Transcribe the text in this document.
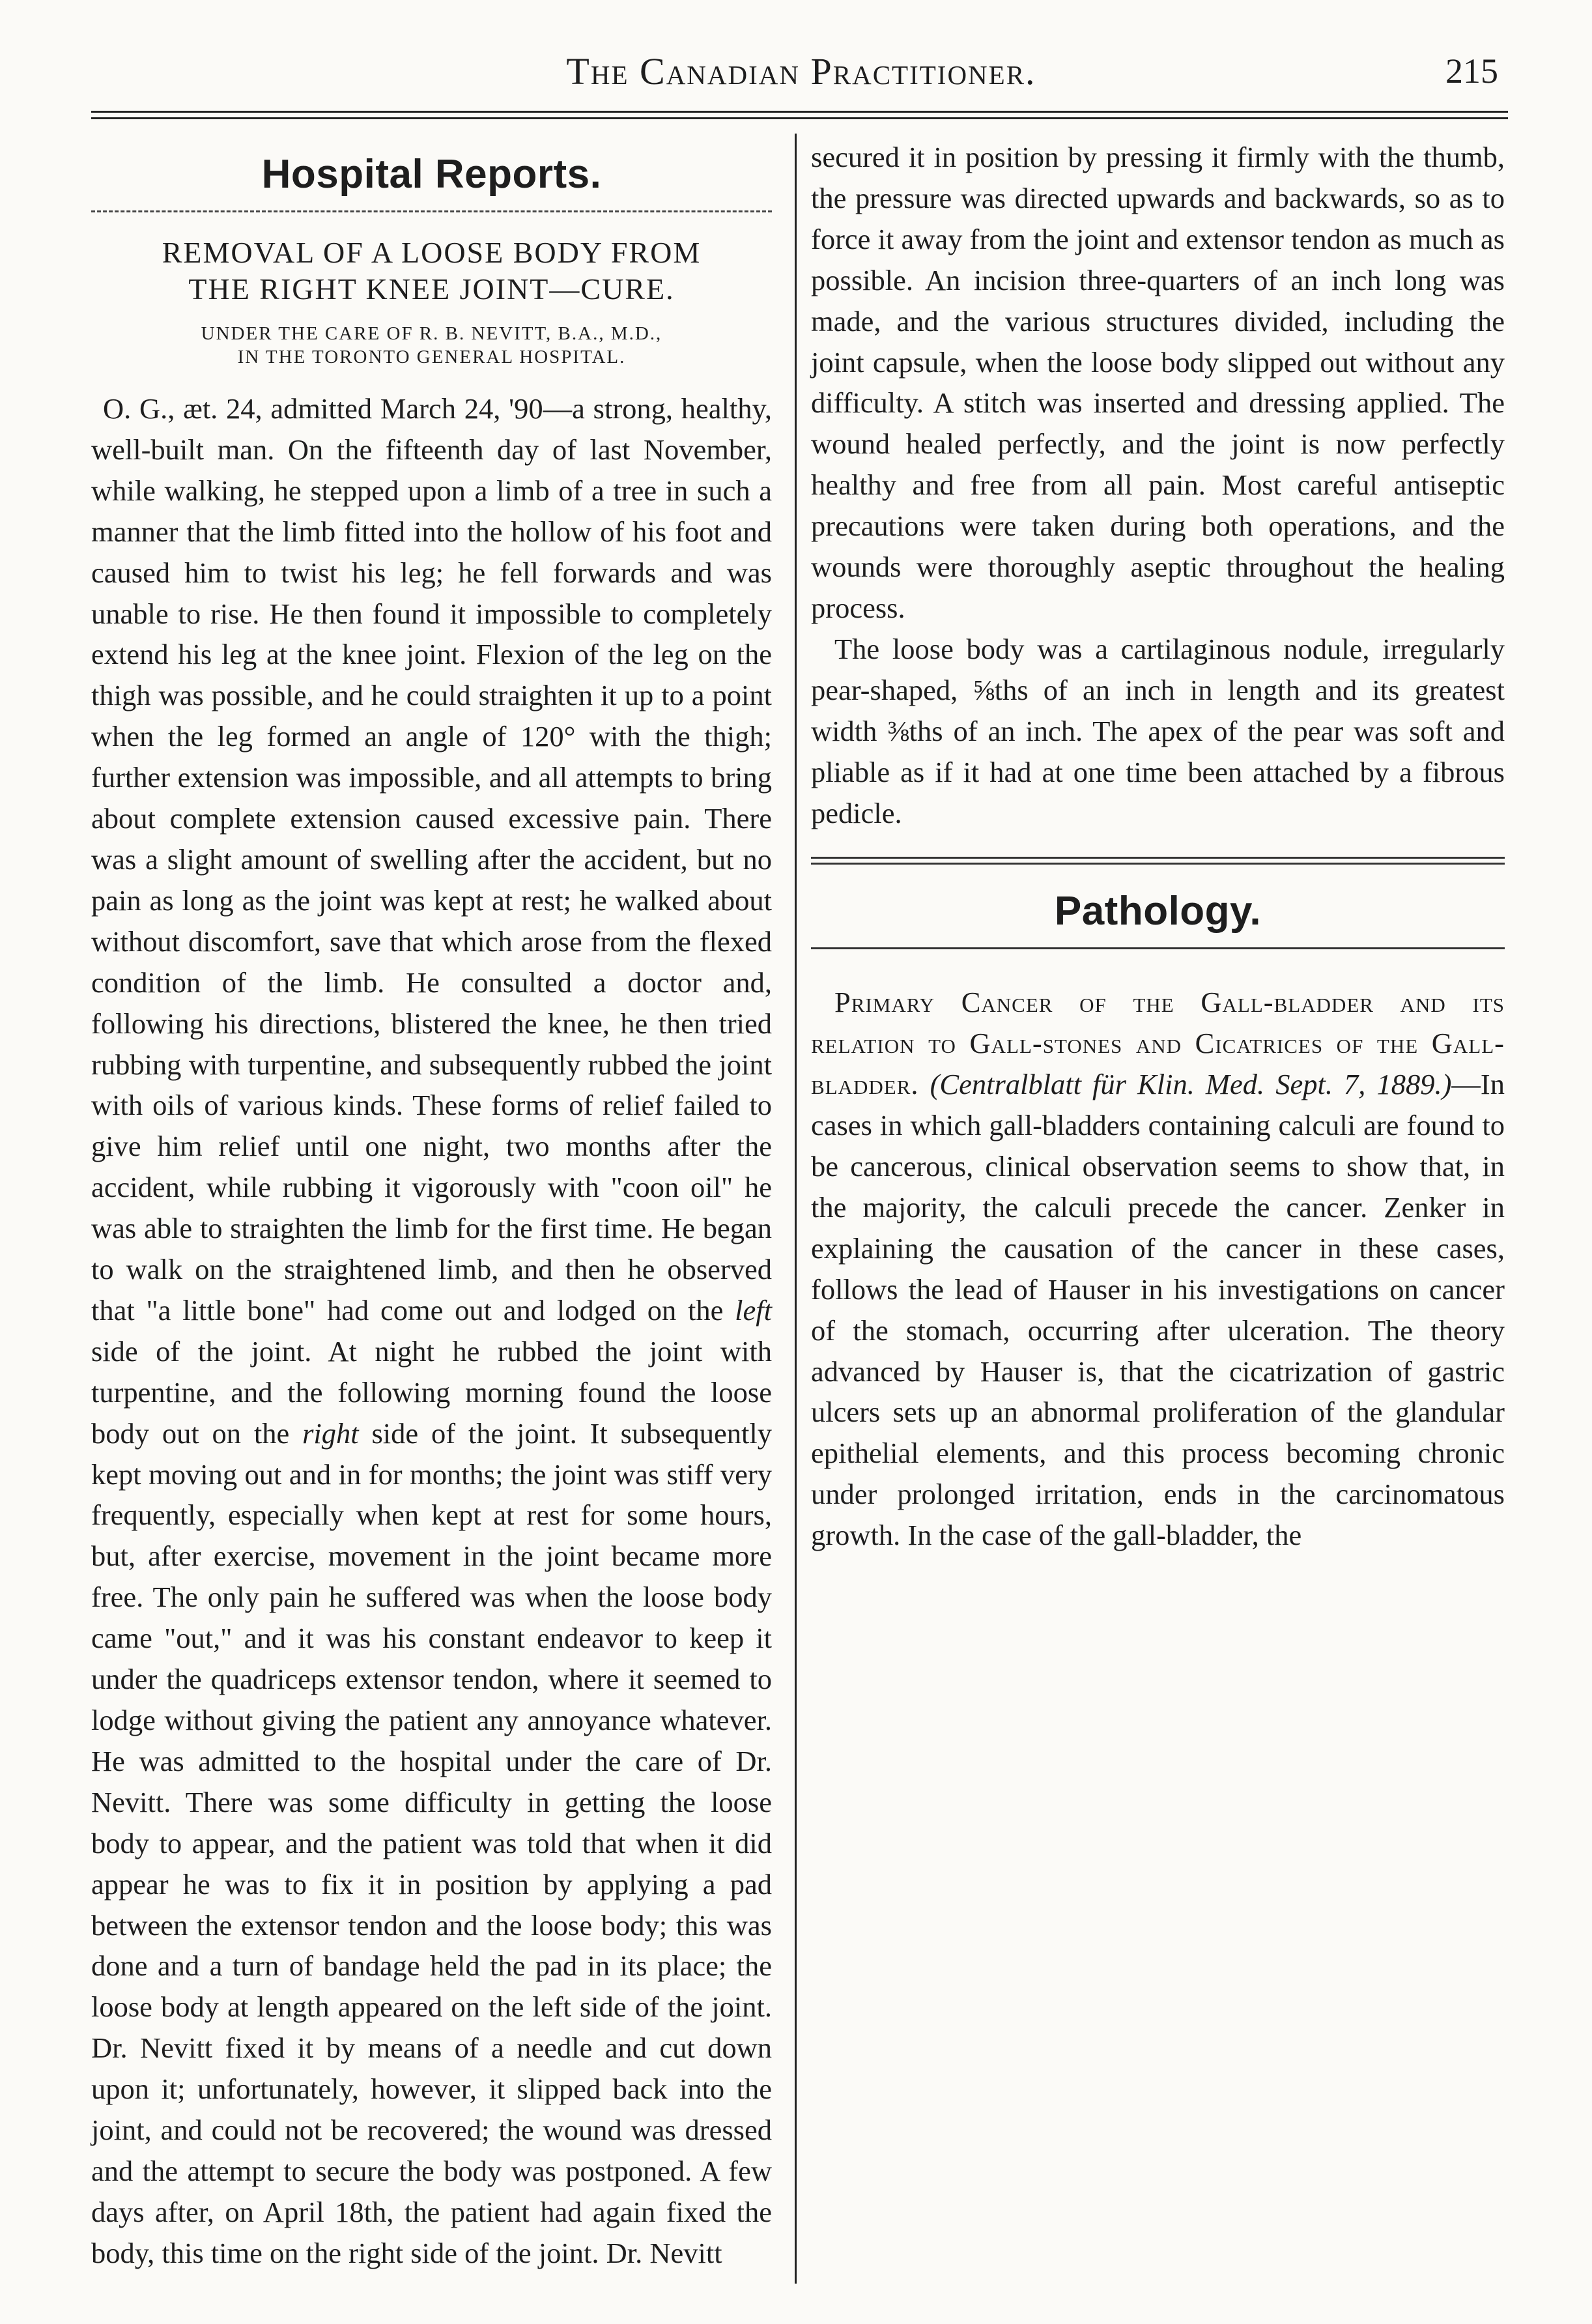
The Canadian Practitioner.	215
Hospital Reports.
REMOVAL OF A LOOSE BODY FROM
THE RIGHT KNEE JOINT—CURE.
UNDER THE CARE OF R. B. NEVITT, B.A., M.D.,
IN THE TORONTO GENERAL HOSPITAL.

O. G., æt. 24, admitted March 24, '90—a strong, healthy, well-built man. On the fifteenth day of last November, while walking, he stepped upon a limb of a tree in such a manner that the limb fitted into the hollow of his foot and caused him to twist his leg; he fell forwards and was unable to rise. He then found it impossible to completely extend his leg at the knee joint. Flexion of the leg on the thigh was possible, and he could straighten it up to a point when the leg formed an angle of 120° with the thigh; further extension was impossible, and all attempts to bring about complete extension caused excessive pain. There was a slight amount of swelling after the accident, but no pain as long as the joint was kept at rest; he walked about without discomfort, save that which arose from the flexed condition of the limb. He consulted a doctor and, following his directions, blistered the knee, he then tried rubbing with turpentine, and subsequently rubbed the joint with oils of various kinds. These forms of relief failed to give him relief until one night, two months after the accident, while rubbing it vigorously with "coon oil" he was able to straighten the limb for the first time. He began to walk on the straightened limb, and then he observed that "a little bone" had come out and lodged on the left side of the joint. At night he rubbed the joint with turpentine, and the following morning found the loose body out on the right side of the joint. It subsequently kept moving out and in for months; the joint was stiff very frequently, especially when kept at rest for some hours, but, after exercise, movement in the joint became more free. The only pain he suffered was when the loose body came "out," and it was his constant endeavor to keep it under the quadriceps extensor tendon, where it seemed to lodge without giving the patient any annoyance whatever. He was admitted to the hospital under the care of Dr. Nevitt. There was some difficulty in getting the loose body to appear, and the patient was told that when it did appear he was to fix it in position by applying a pad between the extensor tendon and the loose body; this was done and a turn of bandage held the pad in its place; the loose body at length appeared on the left side of the joint. Dr. Nevitt fixed it by means of a needle and cut down upon it; unfortunately, however, it slipped back into the joint, and could not be recovered; the wound was dressed and the attempt to secure the body was postponed. A few days after, on April 18th, the patient had again fixed the body, this time on the right side of the joint. Dr. Nevitt

secured it in position by pressing it firmly with the thumb, the pressure was directed upwards and backwards, so as to force it away from the joint and extensor tendon as much as possible. An incision three-quarters of an inch long was made, and the various structures divided, including the joint capsule, when the loose body slipped out without any difficulty. A stitch was inserted and dressing applied. The wound healed perfectly, and the joint is now perfectly healthy and free from all pain. Most careful antiseptic precautions were taken during both operations, and the wounds were thoroughly aseptic throughout the healing process.

The loose body was a cartilaginous nodule, irregularly pear-shaped, ⅝ths of an inch in length and its greatest width ⅜ths of an inch. The apex of the pear was soft and pliable as if it had at one time been attached by a fibrous pedicle.

Pathology.

Primary Cancer of the Gall-bladder and its relation to Gall-stones and Cicatrices of the Gall-bladder. (Centralblatt für Klin. Med. Sept. 7, 1889.)—In cases in which gall-bladders containing calculi are found to be cancerous, clinical observation seems to show that, in the majority, the calculi precede the cancer. Zenker in explaining the causation of the cancer in these cases, follows the lead of Hauser in his investigations on cancer of the stomach, occurring after ulceration. The theory advanced by Hauser is, that the cicatrization of gastric ulcers sets up an abnormal proliferation of the glandular epithelial elements, and this process becoming chronic under prolonged irritation, ends in the carcinomatous growth. In the case of the gall-bladder, the
